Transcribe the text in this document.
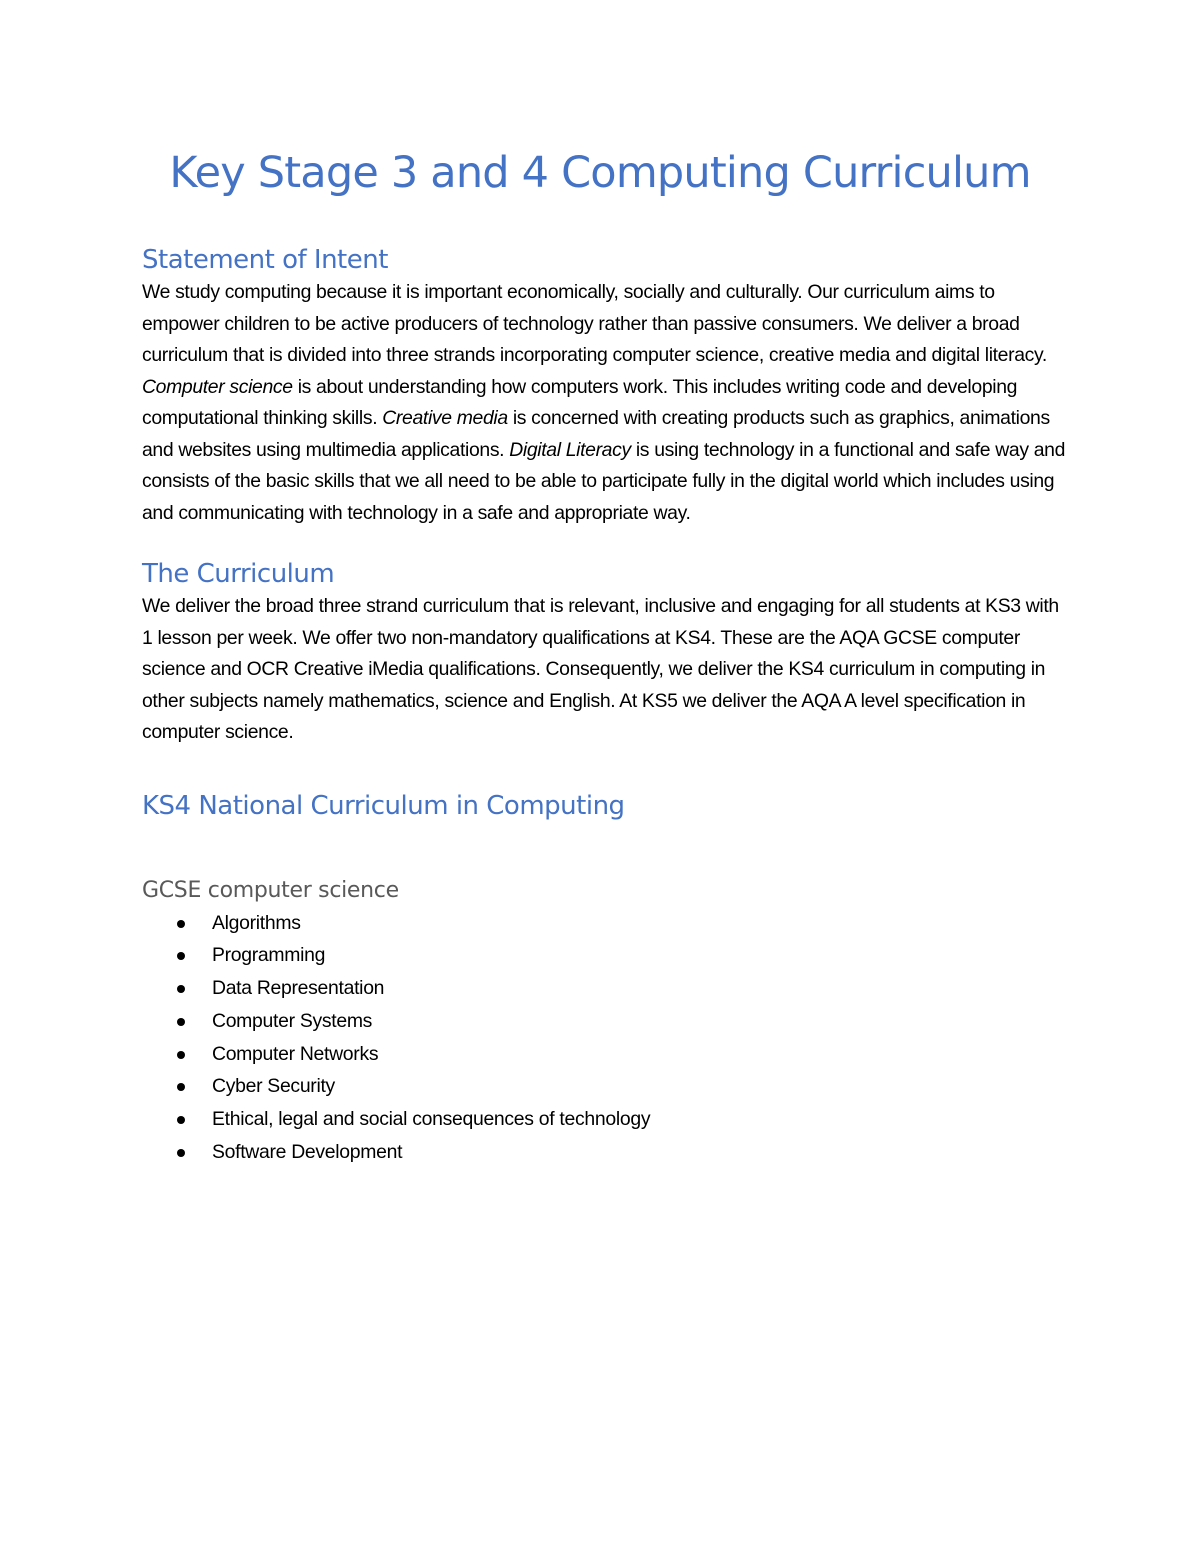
Key Stage 3 and 4 Computing Curriculum
Statement of Intent

We study computing because it is important economically, socially and culturally. Our curriculum aims to empower children to be active producers of technology rather than passive consumers. We deliver a broad curriculum that is divided into three strands incorporating computer science, creative media and digital literacy. Computer science is about understanding how computers work. This includes writing code and developing computational thinking skills. Creative media is concerned with creating products such as graphics, animations and websites using multimedia applications. Digital Literacy is using technology in a functional and safe way and consists of the basic skills that we all need to be able to participate fully in the digital world which includes using and communicating with technology in a safe and appropriate way.

The Curriculum

We deliver the broad three strand curriculum that is relevant, inclusive and engaging for all students at KS3 with 1 lesson per week. We offer two non-mandatory qualifications at KS4. These are the AQA GCSE computer science and OCR Creative iMedia qualifications. Consequently, we deliver the KS4 curriculum in computing in other subjects namely mathematics, science and English. At KS5 we deliver the AQA A level specification in computer science.

KS4 National Curriculum in Computing
GCSE computer science
Algorithms
Programming
Data Representation
Computer Systems
Computer Networks
Cyber Security
Ethical, legal and social consequences of technology
Software Development
